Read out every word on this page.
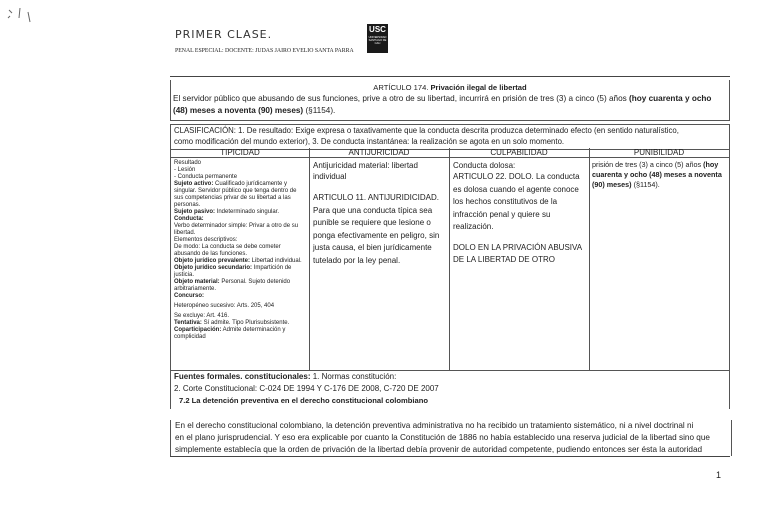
PRIMER CLASE.
PENAL ESPECIAL: DOCENTE: JUDAS JAIRO EVELIO SANTA PARRA
USC
UNIVERSIDAD SANTIAGO DE CALI
ARTÍCULO 174. Privación ilegal de libertad
El servidor público que abusando de sus funciones, prive a otro de su libertad, incurrirá en prisión de tres (3) a cinco (5) años (hoy cuarenta y ocho (48) meses a noventa (90) meses) (§1154).
CLASIFICACIÓN: 1. De resultado: Exige expresa o taxativamente que la conducta descrita produzca determinado efecto (en sentido naturalístico,
como modificación del mundo exterior), 3. De conducta instantánea: la realización se agota en un solo momento.
TIPICIDAD
Resultado
- Lesión
- Conducta permanente
Sujeto activo: Cualificado jurídicamente y singular. Servidor público que tenga dentro de sus competencias privar de su libertad a las personas.
Sujeto pasivo: Indeterminado singular.
Conducta:
Verbo determinador simple: Privar a otro de su libertad.
Elementos descriptivos:
De modo: La conducta se debe cometer abusando de las funciones.
Objeto jurídico prevalente: Libertad individual.
Objeto jurídico secundario: Impartición de justicia.
Objeto material: Personal. Sujeto detenido arbitrariamente.
Concurso:
Heteropéneo sucesivo: Arts. 205, 404
Se excluye: Art. 416.
Tentativa: Sí admite. Tipo Plurisubsistente.
Coparticipación: Admite determinación y complicidad
ANTIJURICIDAD
Antijuricidad material: libertad individual
ARTICULO 11. ANTIJURIDICIDAD. Para que una conducta típica sea punible se requiere que lesione o ponga efectivamente en peligro, sin justa causa, el bien jurídicamente tutelado por la ley penal.
CULPABILIDAD
Conducta dolosa:
ARTICULO 22. DOLO. La conducta es dolosa cuando el agente conoce los hechos constitutivos de la infracción penal y quiere su realización.
DOLO EN LA PRIVACIÓN ABUSIVA DE LA LIBERTAD DE OTRO
PUNIBILIDAD
prisión de tres (3) a cinco (5) años (hoy cuarenta y ocho (48) meses a noventa (90) meses) (§1154).
Fuentes formales. constitucionales: 1. Normas constitución:
2. Corte Constitucional: C-024 DE 1994 Y C-176 DE 2008, C-720 DE 2007
7.2 La detención preventiva en el derecho constitucional colombiano
En el derecho constitucional colombiano, la detención preventiva administrativa no ha recibido un tratamiento sistemático, ni a nivel doctrinal ni
en el plano jurisprudencial. Y eso era explicable por cuanto la Constitución de 1886 no había establecido una reserva judicial de la libertad sino que
simplemente establecía que la orden de privación de la libertad debía provenir de autoridad competente, pudiendo entonces ser ésta la autoridad
1
